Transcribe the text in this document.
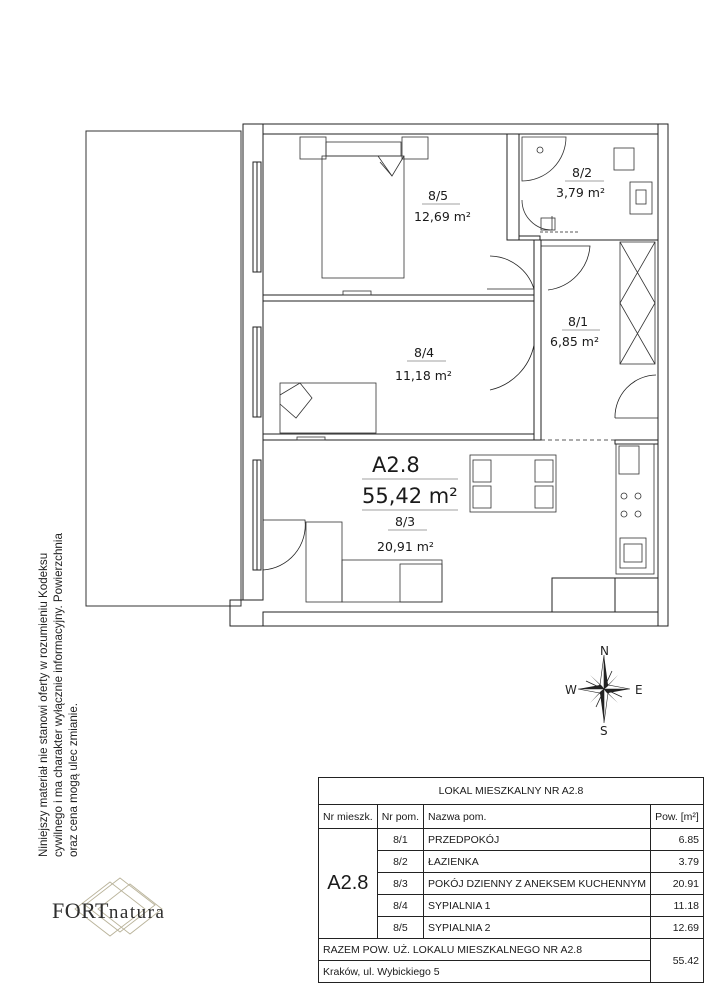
8/5
12,69 m²
8/2
3,79 m²
8/1
6,85 m²
8/4
11,18 m²
A2.8
55,42 m²
8/3
20,91 m²
N
E
S
W
Niniejszy materiał nie stanowi oferty w rozumieniu Kodeksu cywilnego i ma charakter wyłącznie informacyjny. Powierzchnia oraz cena mogą ulec zmianie.
FORTnatura
LOKAL MIESZKALNY NR A2.8			
Nr mieszk.	Nr pom.	Nazwa pom.	Pow. [m²]
A2.8	8/1	PRZEDPOKÓJ	6.85
	8/2	ŁAZIENKA	3.79
	8/3	POKÓJ DZIENNY Z ANEKSEM KUCHENNYM	20.91
	8/4	SYPIALNIA 1	11.18
	8/5	SYPIALNIA 2	12.69
RAZEM POW. UŻ. LOKALU MIESZKALNEGO NR A2.8			55.42
Kraków, ul. Wybickiego 5			
